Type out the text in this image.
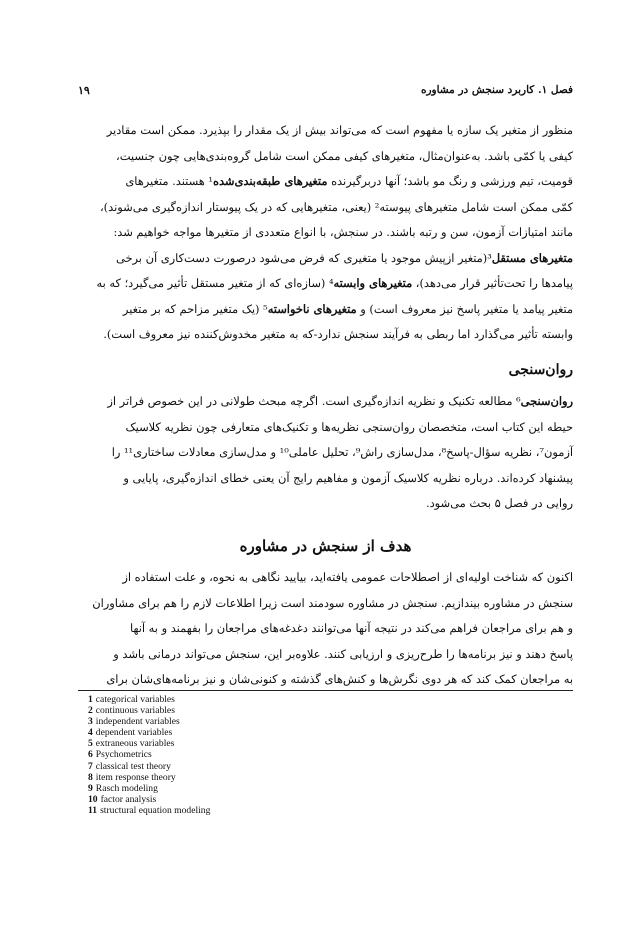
فصل ۱. کاربرد سنجش در مشاوره
۱۹
منظور از متغیر یک سازه یا مفهوم است که می‌تواند بیش از یک مقدار را بپذیرد. ممکن است مقادیر
کیفی یا کمّی باشد. به‌عنوان‌مثال، متغیرهای کیفی ممکن است شامل گروه‌بندی‌هایی چون جنسیت،
قومیت، تیم ورزشی و رنگ مو باشد؛ آنها دربرگیرنده متغیرهای طبقه‌بندی‌شده¹ هستند. متغیرهای
کمّی ممکن است شامل متغیرهای پیوسته² (یعنی، متغیرهایی که در یک پیوستار اندازه‌گیری می‌شوند)،
مانند امتیازات آزمون، سن و رتبه باشند. در سنجش، با انواع متعددی از متغیرها مواجه خواهیم شد:
متغیرهای مستقل³(متغیر ازپیش موجود یا متغیری که فرض می‌شود درصورت دست‌کاری آن برخی
پیامدها را تحت‌تأثیر قرار می‌دهد)، متغیرهای وابسته⁴ (سازه‌ای که از متغیر مستقل تأثیر می‌گیرد؛ که به
متغیر پیامد یا متغیر پاسخ نیز معروف است) و متغیرهای ناخواسته⁵ (یک متغیر مزاحم که بر متغیر
وابسته تأثیر می‌گذارد اما ربطی به فرآیند سنجش ندارد-که به متغیر مخدوش‌کننده نیز معروف است).
روان‌سنجی
روان‌سنجی⁶ مطالعه تکنیک و نظریه اندازه‌گیری است. اگرچه مبحث طولانی در این خصوص فراتر از
حیطه این کتاب است، متخصصان روان‌سنجی نظریه‌ها و تکنیک‌های متعارفی چون نظریه کلاسیک
آزمون⁷، نظریه سؤال-پاسخ⁸، مدل‌سازی راش⁹، تحلیل عاملی¹⁰ و مدل‌سازی معادلات ساختاری¹¹ را
پیشنهاد کرده‌اند. درباره نظریه کلاسیک آزمون و مفاهیم رایج آن یعنی خطای اندازه‌گیری، پایایی و
روایی در فصل ۵ بحث می‌شود.
هدف از سنجش در مشاوره
اکنون که شناخت اولیه‌ای از اصطلاحات عمومی یافته‌اید، بیایید نگاهی به نحوه، و علت استفاده از
سنجش در مشاوره بیندازیم. سنجش در مشاوره سودمند است زیرا اطلاعات لازم را هم برای مشاوران
و هم برای مراجعان فراهم می‌کند در نتیجه آنها می‌توانند دغدغه‌های مراجعان را بفهمند و به آنها
پاسخ دهند و نیز برنامه‌ها را طرح‌ریزی و ارزیابی کنند. علاوه‌بر این، سنجش می‌تواند درمانی باشد و
به مراجعان کمک کند که هر دوی نگرش‌ها و کنش‌های گذشته و کنونی‌شان و نیز برنامه‌های‌شان برای
1 categorical variables
2 continuous variables
3 independent variables
4 dependent variables
5 extraneous variables
6 Psychometrics
7 classical test theory
8 item response theory
9 Rasch modeling
10 factor analysis
11 structural equation modeling
